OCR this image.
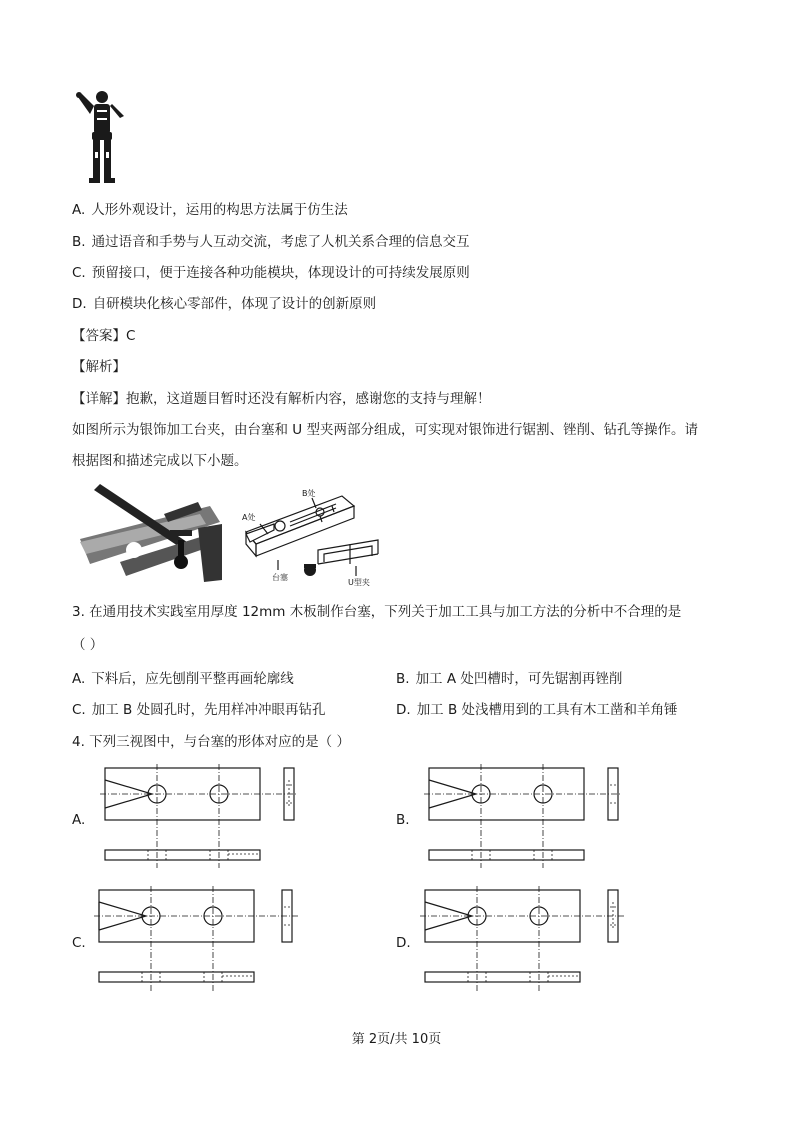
A. 人形外观设计，运用的构思方法属于仿生法
B. 通过语音和手势与人互动交流，考虑了人机关系合理的信息交互
C. 预留接口，便于连接各种功能模块，体现设计的可持续发展原则
D. 自研模块化核心零部件，体现了设计的创新原则
【答案】C
【解析】
【详解】抱歉，这道题目暂时还没有解析内容，感谢您的支持与理解！
如图所示为银饰加工台夹，由台塞和 U 型夹两部分组成，可实现对银饰进行锯割、锉削、钻孔等操作。请
根据图和描述完成以下小题。
A处
B处
台塞
U型夹
3. 在通用技术实践室用厚度 12mm 木板制作台塞，下列关于加工工具与加工方法的分析中不合理的是
（ ）
A. 下料后，应先刨削平整再画轮廓线	B. 加工 A 处凹槽时，可先锯割再锉削
C. 加工 B 处圆孔时，先用样冲冲眼再钻孔	D. 加工 B 处浅槽用到的工具有木工凿和羊角锤
4. 下列三视图中，与台塞的形体对应的是（ ）
A.	B.
C.	D.
第 2页/共 10页
